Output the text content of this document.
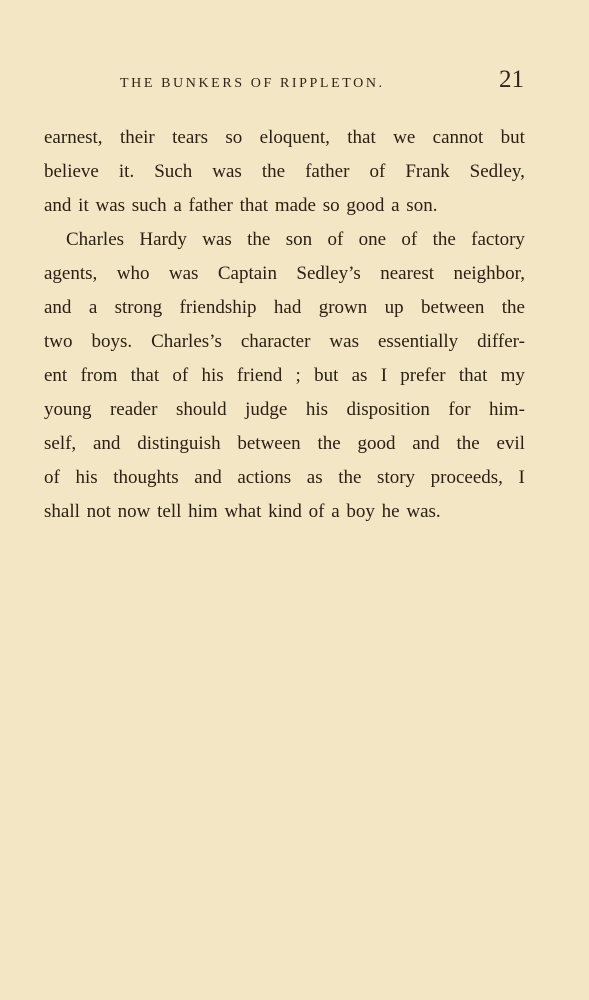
THE BUNKERS OF RIPPLETON.	21
earnest, their tears so eloquent, that we cannot but
believe it. Such was the father of Frank Sedley,
and it was such a father that made so good a son.
Charles Hardy was the son of one of the factory
agents, who was Captain Sedley’s nearest neighbor,
and a strong friendship had grown up between the
two boys. Charles’s character was essentially differ-
ent from that of his friend ; but as I prefer that my
young reader should judge his disposition for him-
self, and distinguish between the good and the evil
of his thoughts and actions as the story proceeds, I
shall not now tell him what kind of a boy he was.
